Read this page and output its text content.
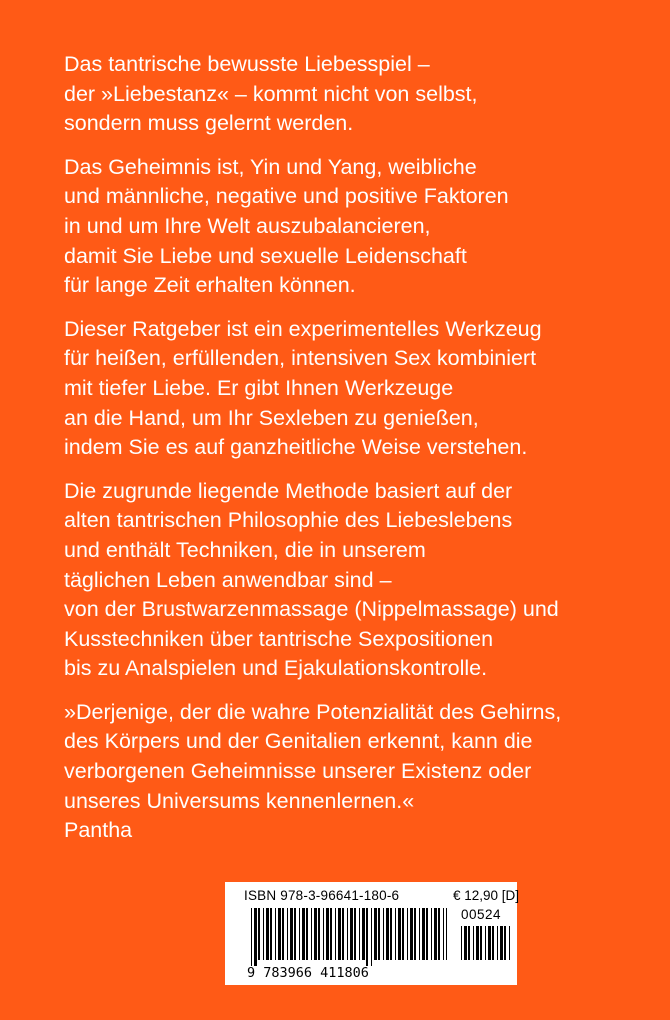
Das tantrische bewusste Liebesspiel –
der »Liebestanz« – kommt nicht von selbst,
sondern muss gelernt werden.

Das Geheimnis ist, Yin und Yang, weibliche
und männliche, negative und positive Faktoren
in und um Ihre Welt auszubalancieren,
damit Sie Liebe und sexuelle Leidenschaft
für lange Zeit erhalten können.

Dieser Ratgeber ist ein experimentelles Werkzeug
für heißen, erfüllenden, intensiven Sex kombiniert
mit tiefer Liebe. Er gibt Ihnen Werkzeuge
an die Hand, um Ihr Sexleben zu genießen,
indem Sie es auf ganzheitliche Weise verstehen.

Die zugrunde liegende Methode basiert auf der
alten tantrischen Philosophie des Liebeslebens
und enthält Techniken, die in unserem
täglichen Leben anwendbar sind –
von der Brustwarzenmassage (Nippelmassage) und
Kusstechniken über tantrische Sexpositionen
bis zu Analspielen und Ejakulationskontrolle.

»Derjenige, der die wahre Potenzialität des Gehirns,
des Körpers und der Genitalien erkennt, kann die
verborgenen Geheimnisse unserer Existenz oder
unseres Universums kennenlernen.«
Pantha

ISBN 978-3-96641-180-6	€ 12,90 [D]
00524
9 783966 411806
